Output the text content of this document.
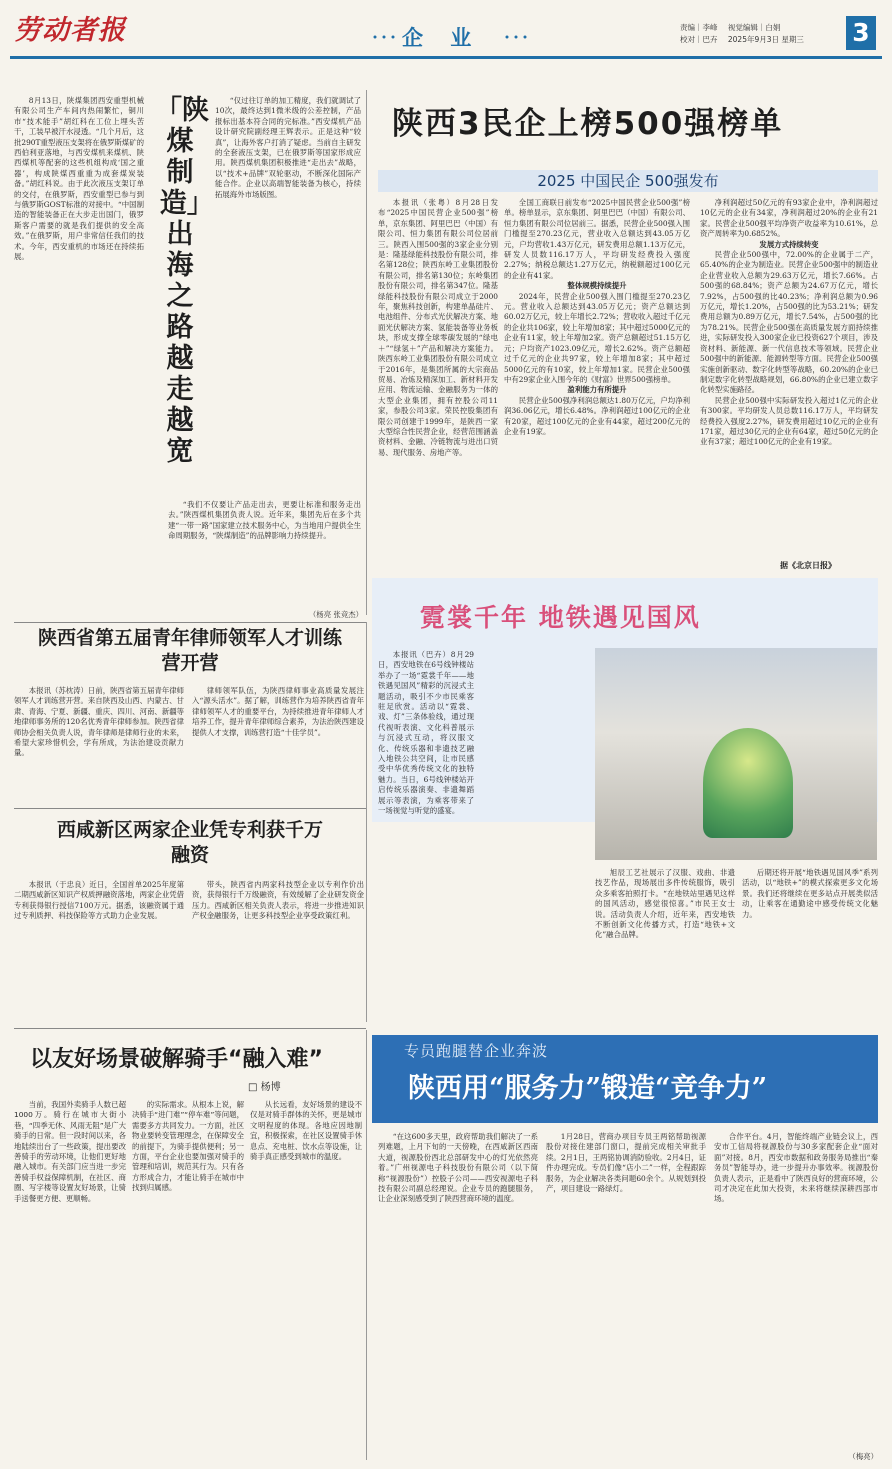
劳动者报	企 业	责编｜李峰 视觉编辑｜白娟
校对｜巴卉 2025年9月3日 星期三 3

8月13日，陕煤集团西安重型机械有限公司生产车间内热闹繁忙，铜川市“技术能手”胡红科在工位上埋头苦干，工装早被汗水浸透。“几个月后，这批290T重型液压支架将在俄罗斯煤矿的西伯利亚落地，与西安煤机来煤机、陕西煤机等配套的这些机组构成‘国之重器’，构成陕煤西重重为成套煤炭装备。”胡红科说。由于此次液压支架订单的交付，在俄罗斯，西安重型已参与到与俄罗斯GOST标准的对接中。“中国制造的智能装备正在大步走出国门，俄罗斯客户需要的就是我们提供的安全高效。”在俄罗斯，用户非常信任我们的技术。今年，西安重机的市场还在持续拓展。

「陕煤制造」出海之路越走越宽

“仅过往订单的加工精度，我们就调试了10次，最终达到1微米级的公差控制，产品报标出基本符合同的完标准。”西安煤机产品设计研究院副经理王辉表示。正是这种“较真”，让海外客户打消了疑虑。当前自主研发的全套液压支架，已在俄罗斯等国家形成应用。陕西煤机集团积极推进“走出去”战略，以“技术+品牌”双轮驱动，不断深化国际产能合作。企业以高端智能装备为核心，持续拓展海外市场版图。

“我们不仅要让产品走出去，更要让标准和服务走出去。”陕西煤机集团负责人说。近年来，集团先后在多个共建“一带一路”国家建立技术服务中心，为当地用户提供全生命周期服务，“陕煤制造”的品牌影响力持续提升。

（杨亮 张竞杰）
陕西3民企上榜500强榜单
2025 中国民企 500强发布

本报讯（张粤）8月28日发布“2025中国民营企业500强”榜单，京东集团、阿里巴巴（中国）有限公司、恒力集团有限公司位居前三。陕西入围500强的3家企业分别是：隆基绿能科技股份有限公司，排名第128位；陕西东岭工业集团股份有限公司，排名第130位；东岭集团股份有限公司，排名第347位。隆基绿能科技股份有限公司成立于2000年，聚焦科技创新，构建单晶硅片、电池组件、分布式光伏解决方案、地面光伏解决方案、氢能装备等业务板块，形成支撑全球零碳发展的“绿电＋”“绿氢＋”产品和解决方案能力。陕西东岭工业集团股份有限公司成立于2016年，是集团所属的大宗商品贸易、冶炼及精深加工、新材料开发应用、物流运输、金融服务为一体的大型企业集团，拥有控股公司11家，参股公司3家。荣民控股集团有限公司创建于1999年，是陕西一家大型综合性民营企业，经营范围涵盖资材料、金融、冷链物流与进出口贸易、现代服务、房地产等。

全国工商联日前发布“2025中国民营企业500强”榜单。榜单显示，京东集团、阿里巴巴（中国）有限公司、恒力集团有限公司位居前三。据悉，民营企业500强入围门槛提至270.23亿元，营业收入总额达到43.05万亿元，户均营收1.43万亿元，研发费用总额1.13万亿元，研发人员数116.17万人，平均研发经费投入强度2.27%；纳税总额达1.27万亿元，纳税额超过100亿元的企业有41家。

整体规模持续提升

2024年，民营企业500强入围门槛提至270.23亿元。营业收入总额达到43.05万亿元；资产总额达到60.02万亿元，较上年增长2.72%；营收收入超过千亿元的企业共106家，较上年增加8家；其中超过5000亿元的企业有11家，较上年增加2家。资产总额超过51.15万亿元；户均资产1023.09亿元，增长2.62%。资产总额超过千亿元的企业共97家，较上年增加8家；其中超过5000亿元的有10家，较上年增加1家。民营企业500强中有29家企业入围今年的《财富》世界500强榜单。

盈利能力有所提升

民营企业500强净利润总额达1.80万亿元，户均净利润36.06亿元，增长6.48%。净利润超过100亿元的企业有20家，超过100亿元的企业有44家，超过200亿元的企业有19家。

净利润超过50亿元的有93家企业中，净利润超过10亿元的企业有34家，净利润超过20%的企业有21家。民营企业500强平均净资产收益率为10.61%，总资产周转率为0.6852%。

发展方式持续转变

民营企业500强中，72.00%的企业属于二产，65.40%的企业为制造业。民营企业500强中的制造业企业营业收入总额为29.63万亿元，增长7.66%。占500强的68.84%；资产总额为24.67万亿元，增长7.92%，占500强的比40.23%；净利润总额为0.96万亿元，增长1.20%，占500强的比为53.21%；研发费用总额为0.89万亿元，增长7.54%，占500强的比为78.21%。民营企业500强在高质量发展方面持续推进，实际研发投入300家企业已投资627个项目，涉及资材料、新能源、新一代信息技术等领域。民营企业500强中的新能源、能源转型等方面。民营企业500强实施创新驱动、数字化转型等战略，60.20%的企业已制定数字化转型战略规划，66.80%的企业已建立数字化转型实施路径。

民营企业500强中实际研发投入超过1亿元的企业有300家。平均研发人员总数116.17万人，平均研发经费投入强度2.27%，研发费用超过10亿元的企业有171家，超过30亿元的企业有64家，超过50亿元的企业有37家；超过100亿元的企业有19家。

据《北京日报》
陕西省第五届青年律师领军人才训练营开营

本报讯（苏枕涛）日前，陕西省第五届青年律师领军人才训练营开营。来自陕西及山西、内蒙古、甘肃、青海、宁夏、新疆、重庆、四川、河南、新疆等地律师事务所的120名优秀青年律师参加。陕西省律师协会相关负责人说，青年律师是律师行业的未来，希望大家珍惜机会，学有所成，为法治建设贡献力量。

律师领军队伍，为陕西律师事业高质量发展注入“源头活水”。据了解，训练营作为培养陕西省青年律师领军人才的重要平台，为持续推进青年律师人才培养工作，提升青年律师综合素养，为法治陕西建设提供人才支撑，训练营打造“十佳学员”。

西咸新区两家企业凭专利获千万融资

本报讯（于忠良）近日，全国首单2025年度第二期西咸新区知识产权质押融资落地，两家企业凭借专利获得银行授信7100万元。据悉，该融资属于通过专利质押、科技保险等方式助力企业发展。

带头，陕西省内两家科技型企业以专利作价出资，获得银行千万级融资，有效缓解了企业研发资金压力。西咸新区相关负责人表示，将进一步推进知识产权金融服务，让更多科技型企业享受政策红利。

霓裳千年 地铁遇见国风

本报讯（巴卉）8月29日，西安地铁在6号线钟楼站举办了一场“霓裳千年——地铁遇见国风”精彩的沉浸式主题活动，吸引不少市民乘客驻足欣赏。活动以“霓裳、戏、灯”三条体验线，通过现代视听表演、文化科普展示与沉浸式互动，将汉服文化、传统乐器和非遗技艺融入地铁公共空间，让市民感受中华优秀传统文化的独特魅力。当日，6号线钟楼站开启传统乐器演奏、非遗舞蹈展示等表演，为乘客带来了一场视觉与听觉的盛宴。

旭辰工艺社展示了汉服、戏曲、非遗技艺作品，现场展出多件传统服饰，吸引众多乘客拍照打卡。“在地铁站里遇见这样的国风活动，感觉很惊喜。”市民王女士说。活动负责人介绍，近年来，西安地铁不断创新文化传播方式，打造“地铁+文化”融合品牌。

后期还将开展“地铁遇见国风季”系列活动，以“地铁+”的模式探索更多文化场景。我们还将继续在更多站点开展类似活动，让乘客在通勤途中感受传统文化魅力。

以友好场景破解骑手“融入难”
□ 杨博

当前，我国外卖骑手人数已超1000万。骑行在城市大街小巷，“四季无休、风雨无阻”是广大骑手的日常。但一段时间以来，各地陆续出台了一些政策，提出要改善骑手的劳动环境，让他们更好地融入城市。有关部门应当进一步完善骑手权益保障机制，在社区、商圈、写字楼等设置友好场景，让骑手送餐更方便、更顺畅。

的实际需求。从根本上说，解决骑手“进门难”“停车难”等问题，需要多方共同发力。一方面，社区物业要转变管理理念，在保障安全的前提下，为骑手提供便利；另一方面，平台企业也要加强对骑手的管理和培训，规范其行为。只有各方形成合力，才能让骑手在城市中找到归属感。

从长远看，友好场景的建设不仅是对骑手群体的关怀，更是城市文明程度的体现。各地应因地制宜，积极探索，在社区设置骑手休息点、充电桩、饮水点等设施，让骑手真正感受到城市的温度。

专员跑腿替企业奔波
陕西用“服务力”锻造“竞争力”

“在这600多天里，政府帮助我们解决了一系列难题，上月下旬的一天傍晚，在西咸新区西南大道，视源股份西北总部研发中心的灯光依然亮着。”广州视源电子科技股份有限公司（以下简称“视源股份”）控股子公司——西安视源电子科技有限公司副总经理说。企业专员的跑腿服务，让企业深刻感受到了陕西营商环境的温度。

1月28日，营商办项目专员王两铭帮助视源股份对接住建部门窗口，提前完成相关审批手续。2月1日，王两铭协调消防验收。2月4日，证件办理完成。专员们像“店小二”一样，全程跟踪服务，为企业解决各类问题60余个。从规划到投产，项目建设一路绿灯。

合作平台。4月，智能终端产业链会议上，西安市工信局将视源股份与30多家配套企业“面对面”对接。8月，西安市数据和政务服务局推出“秦务员”智能导办，进一步提升办事效率。视源股份负责人表示，正是看中了陕西良好的营商环境，公司才决定在此加大投资，未来将继续深耕西部市场。

（梅亮）
